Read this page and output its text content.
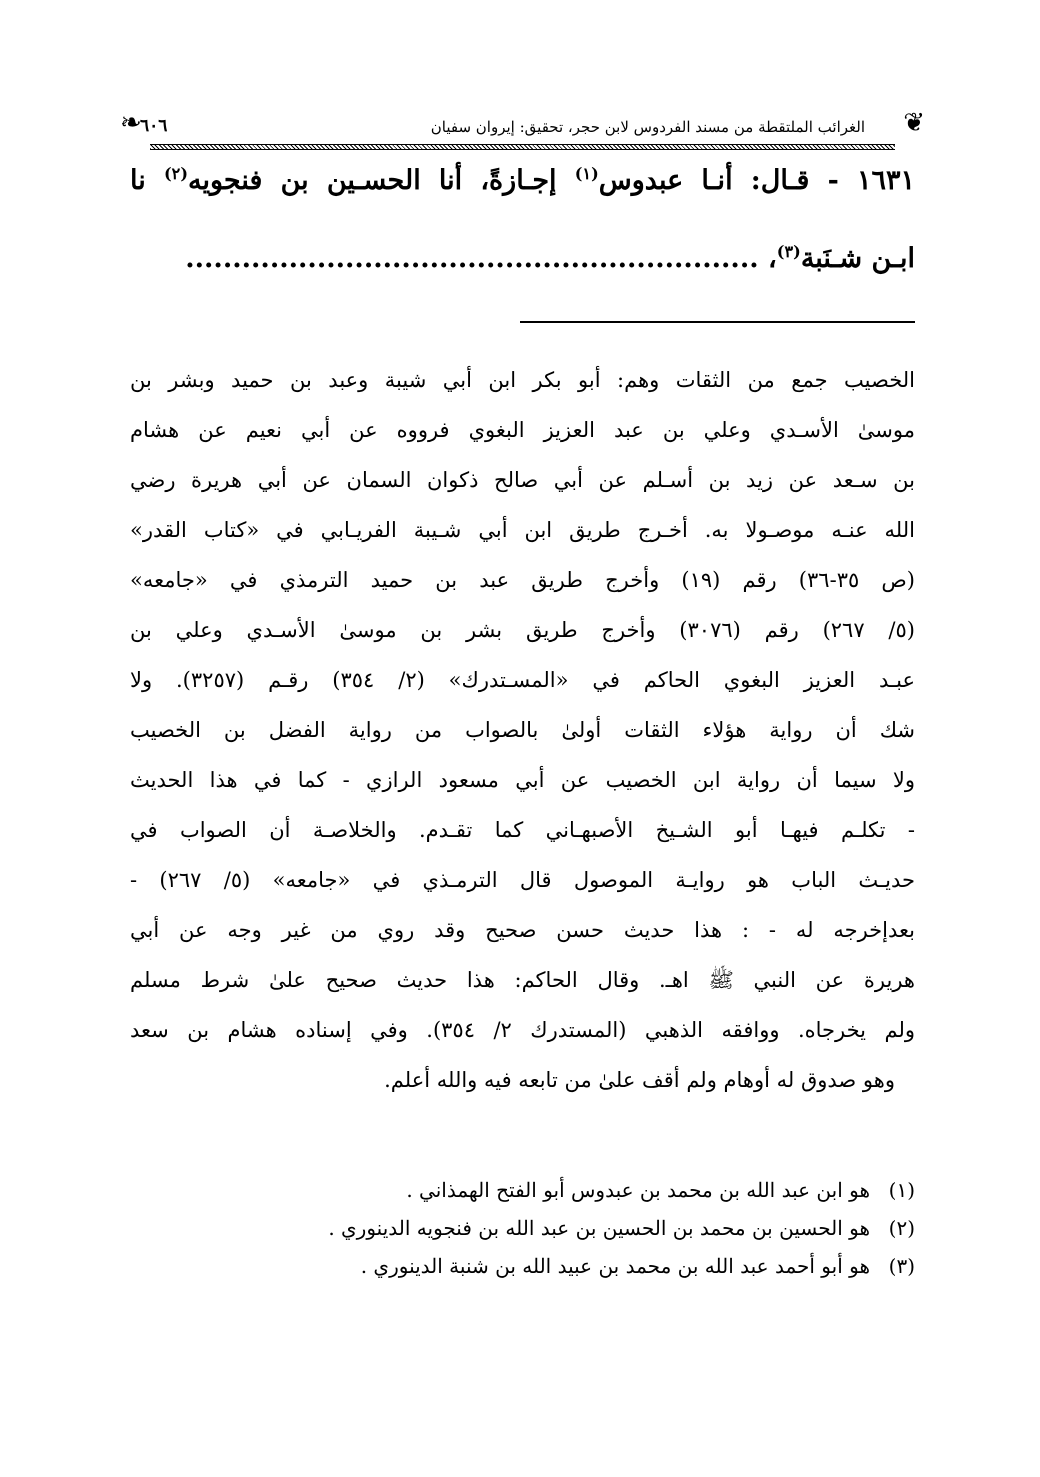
❦
الغرائب الملتقطة من مسند الفردوس لابن حجر، تحقيق: إيروان سفيان
٦٠٦
❧
١٦٣١ - قـال: أنـا عبدوس$^{(١)}$ إجـازةً، أنا الحسـين بن فنجويه$^{(٢)}$ نا
ابـن شـنَبة$^{(٣)}$، .............................................................
الخصيب جمع من الثقات وهم: أبو بكر ابن أبي شيبة وعبد بن حميد وبشر بن
موسىٰ الأسـدي وعلي بن عبد العزيز البغوي فرووه عن أبي نعيم عن هشام
بن سـعد عن زيد بن أسـلم عن أبي صالح ذكوان السمان عن أبي هريرة رضي
الله عنـه موصـولا به. أخـرج طريق ابن أبي شـيبة الفريـابي في «كتاب القدر»
(ص ٣٥-٣٦) رقم (١٩) وأخرج طريق عبد بن حميد الترمذي في «جامعه»
(٥/ ٢٦٧) رقم (٣٠٧٦) وأخرج طريق بشر بن موسىٰ الأسـدي وعلي بن
عبـد العزيز البغوي الحاكم في «المسـتدرك» (٢/ ٣٥٤) رقـم (٣٢٥٧). ولا
شك أن رواية هؤلاء الثقات أولىٰ بالصواب من رواية الفضل بن الخصيب
ولا سيما أن رواية ابن الخصيب عن أبي مسعود الرازي - كما في هذا الحديث
- تكلـم فيهـا أبو الشـيخ الأصبهـاني كما تقـدم. والخلاصـة أن الصواب في
حديـث الباب هو روايـة الموصول قال الترمـذي في «جامعه» (٥/ ٢٦٧) -
بعدإخرجه له - : هذا حديث حسن صحيح وقد روي من غير وجه عن أبي
هريرة عن النبي ﷺ اهـ. وقال الحاكم: هذا حديث صحيح علىٰ شرط مسلم
ولم يخرجاه. ووافقه الذهبي (المستدرك ٢/ ٣٥٤). وفي إسناده هشام بن سعد
وهو صدوق له أوهام ولم أقف علىٰ من تابعه فيه والله أعلم.
(١)هو ابن عبد الله بن محمد بن عبدوس أبو الفتح الهمذاني .
(٢)هو الحسين بن محمد بن الحسين بن عبد الله بن فنجويه الدينوري .
(٣)هو أبو أحمد عبد الله بن محمد بن عبيد الله بن شنبة الدينوري .
